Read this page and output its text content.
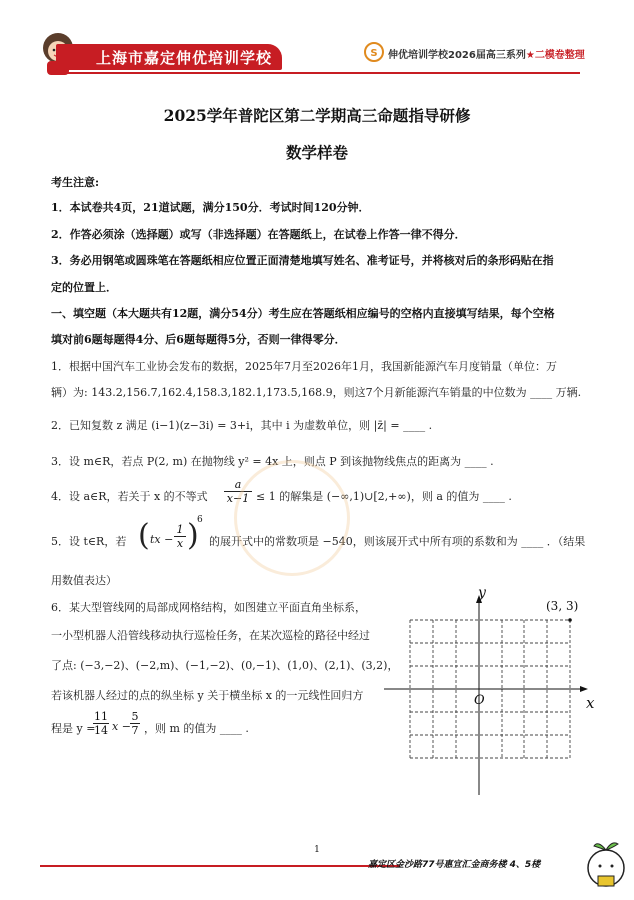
上海市嘉定伸优培训学校	S 伸优培训学校2026届高三系列★二模卷整理
2025学年普陀区第二学期高三命题指导研修
数学样卷
考生注意:
1．本试卷共4页，21道试题，满分150分．考试时间120分钟．
2．作答必须涂（选择题）或写（非选择题）在答题纸上，在试卷上作答一律不得分．
3．务必用钢笔或圆珠笔在答题纸相应位置正面清楚地填写姓名、准考证号，并将核对后的条形码贴在指
定的位置上．
一、填空题（本大题共有12题，满分54分）考生应在答题纸相应编号的空格内直接填写结果，每个空格
填对前6题每题得4分、后6题每题得5分，否则一律得零分．
1．根据中国汽车工业协会发布的数据，2025年7月至2026年1月，我国新能源汽车月度销量（单位：万
辆）为: 143.2,156.7,162.4,158.3,182.1,173.5,168.9，则这7个月新能源汽车销量的中位数为 ____ 万辆.
2．已知复数 z 满足 (i−1)(z−3i) = 3+i，其中 i 为虚数单位，则 |z̄| = ____ .
3．设 m∈R，若点 P(2, m) 在抛物线 y² = 4x 上，则点 P 到该抛物线焦点的距离为 ____ .
4．设 a∈R，若关于 x 的不等式 $\frac{a}{x-1} \le 1$ 的解集是 (−∞,1)∪[2,+∞)，则 a 的值为 ____ .
5．设 t∈R，若 ( tx − $\frac{1}{x}$ )
6
的展开式中的常数项是 −540，则该展开式中所有项的系数和为 ____ ．（结果
用数值表达）
6．某大型管线网的局部成网格结构，如图建立平面直角坐标系，
一小型机器人沿管线移动执行巡检任务，在某次巡检的路径中经过
了点: (−3,−2)、(−2,m)、(−1,−2)、(0,−1)、(1,0)、(2,1)、(3,2)，
若该机器人经过的点的纵坐标 y 关于横坐标 x 的一元线性回归方
程是 y =
$\frac{11}{14}$ $x - \frac{5}{7}$ ，则 m 的值为 ____ .
y
x
O
(3, 3)
1
嘉定区金沙路77号惠宜汇金商务楼 4、5楼
